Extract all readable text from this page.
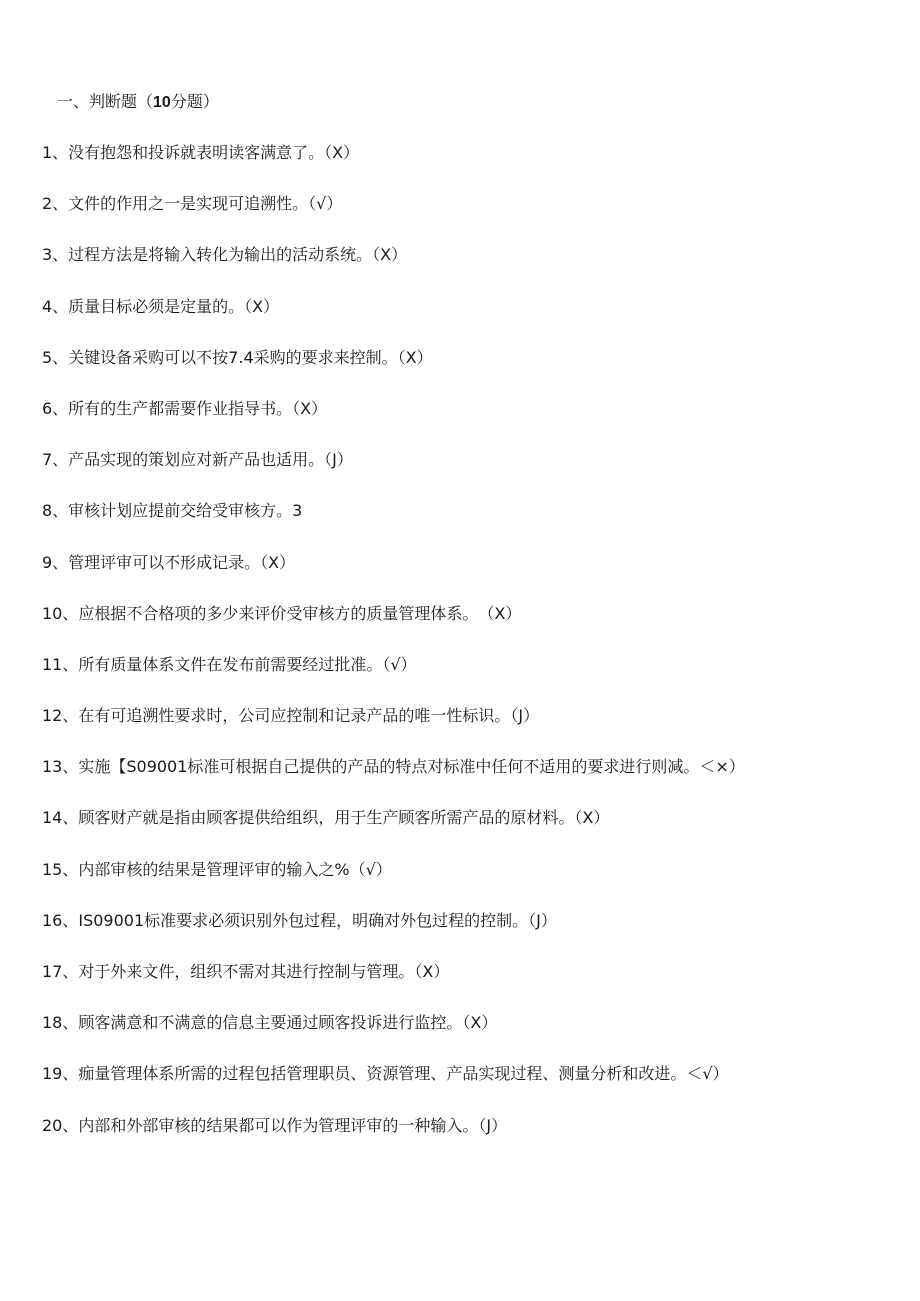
一、判断题（10分题）
1、没有抱怨和投诉就表明读客满意了。（X）
2、文件的作用之一是实现可追溯性。（√）
3、过程方法是将输入转化为输出的活动系统。（X）
4、质量目标必须是定量的。（X）
5、关键设备采购可以不按7.4采购的要求来控制。（X）
6、所有的生产都需要作业指导书。（X）
7、产品实现的策划应对新产品也适用。（J）
8、审核计划应提前交给受审核方。3
9、管理评审可以不形成记录。（X）
10、应根据不合格项的多少来评价受审核方的质量管理体系。　（X）
11、所有质量体系文件在发布前需要经过批准。（√）
12、在有可追溯性要求时，公司应控制和记录产品的唯一性标识。（J）
13、实施【S09001标准可根据自己提供的产品的特点对标准中任何不适用的要求进行则减。＜×）
14、顾客财产就是指由顾客提供给组织，用于生产顾客所需产品的原材料。（X）
15、内部审核的结果是管理评审的输入之%（√）
16、IS09001标准要求必须识别外包过程，明确对外包过程的控制。（J）
17、对于外来文件，组织不需对其进行控制与管理。（X）
18、顾客满意和不满意的信息主要通过顾客投诉进行监控。（X）
19、痂量管理体系所需的过程包括管理职员、资源管理、产品实现过程、测量分析和改进。＜√）
20、内部和外部审核的结果都可以作为管理评审的一种输入。（J）
